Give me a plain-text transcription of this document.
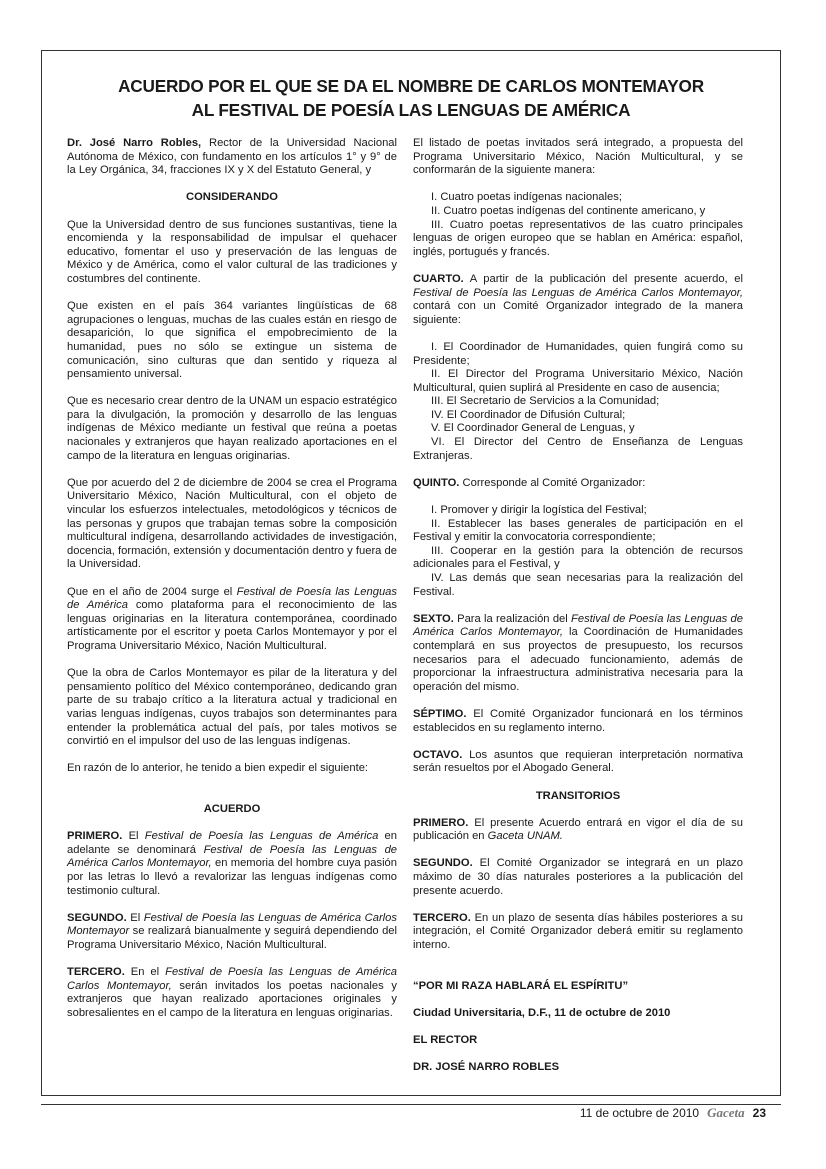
ACUERDO POR EL QUE SE DA EL NOMBRE DE CARLOS MONTEMAYOR
AL FESTIVAL DE POESÍA LAS LENGUAS DE AMÉRICA

Dr. José Narro Robles, Rector de la Universidad Nacional Autónoma de México, con fundamento en los artículos 1° y 9° de la Ley Orgánica, 34, fracciones IX y X del Estatuto General, y

CONSIDERANDO

Que la Universidad dentro de sus funciones sustantivas, tiene la encomienda y la responsabilidad de impulsar el quehacer educativo, fomentar el uso y preservación de las lenguas de México y de América, como el valor cultural de las tradiciones y costumbres del continente.

Que existen en el país 364 variantes lingüísticas de 68 agrupaciones o lenguas, muchas de las cuales están en riesgo de desaparición, lo que significa el empobrecimiento de la humanidad, pues no sólo se extingue un sistema de comunicación, sino culturas que dan sentido y riqueza al pensamiento universal.

Que es necesario crear dentro de la UNAM un espacio estratégico para la divulgación, la promoción y desarrollo de las lenguas indígenas de México mediante un festival que reúna a poetas nacionales y extranjeros que hayan realizado aportaciones en el campo de la literatura en lenguas originarias.

Que por acuerdo del 2 de diciembre de 2004 se crea el Programa Universitario México, Nación Multicultural, con el objeto de vincular los esfuerzos intelectuales, metodológicos y técnicos de las personas y grupos que trabajan temas sobre la composición multicultural indígena, desarrollando actividades de investigación, docencia, formación, extensión y documentación dentro y fuera de la Universidad.

Que en el año de 2004 surge el Festival de Poesía las Lenguas de América como plataforma para el reconocimiento de las lenguas originarias en la literatura contemporánea, coordinado artísticamente por el escritor y poeta Carlos Montemayor y por el Programa Universitario México, Nación Multicultural.

Que la obra de Carlos Montemayor es pilar de la literatura y del pensamiento político del México contemporáneo, dedicando gran parte de su trabajo crítico a la literatura actual y tradicional en varias lenguas indígenas, cuyos trabajos son determinantes para entender la problemática actual del país, por tales motivos se convirtió en el impulsor del uso de las lenguas indígenas.

En razón de lo anterior, he tenido a bien expedir el siguiente:

ACUERDO

PRIMERO. El Festival de Poesía las Lenguas de América en adelante se denominará Festival de Poesía las Lenguas de América Carlos Montemayor, en memoria del hombre cuya pasión por las letras lo llevó a revalorizar las lenguas indígenas como testimonio cultural.

SEGUNDO. El Festival de Poesía las Lenguas de América Carlos Montemayor se realizará bianualmente y seguirá dependiendo del Programa Universitario México, Nación Multicultural.

TERCERO. En el Festival de Poesía las Lenguas de América Carlos Montemayor, serán invitados los poetas nacionales y extranjeros que hayan realizado aportaciones originales y sobresalientes en el campo de la literatura en lenguas originarias.

El listado de poetas invitados será integrado, a propuesta del Programa Universitario México, Nación Multicultural, y se conformarán de la siguiente manera:

I. Cuatro poetas indígenas nacionales;

II. Cuatro poetas indígenas del continente americano, y

III. Cuatro poetas representativos de las cuatro principales lenguas de origen europeo que se hablan en América: español, inglés, portugués y francés.

CUARTO. A partir de la publicación del presente acuerdo, el Festival de Poesía las Lenguas de América Carlos Montemayor, contará con un Comité Organizador integrado de la manera siguiente:

I. El Coordinador de Humanidades, quien fungirá como su Presidente;

II. El Director del Programa Universitario México, Nación Multicultural, quien suplirá al Presidente en caso de ausencia;

III. El Secretario de Servicios a la Comunidad;

IV. El Coordinador de Difusión Cultural;

V. El Coordinador General de Lenguas, y

VI. El Director del Centro de Enseñanza de Lenguas Extranjeras.

QUINTO. Corresponde al Comité Organizador:

I. Promover y dirigir la logística del Festival;

II. Establecer las bases generales de participación en el Festival y emitir la convocatoria correspondiente;

III. Cooperar en la gestión para la obtención de recursos adicionales para el Festival, y

IV. Las demás que sean necesarias para la realización del Festival.

SEXTO. Para la realización del Festival de Poesía las Lenguas de América Carlos Montemayor, la Coordinación de Humanidades contemplará en sus proyectos de presupuesto, los recursos necesarios para el adecuado funcionamiento, además de proporcionar la infraestructura administrativa necesaria para la operación del mismo.

SÉPTIMO. El Comité Organizador funcionará en los términos establecidos en su reglamento interno.

OCTAVO. Los asuntos que requieran interpretación normativa serán resueltos por el Abogado General.

TRANSITORIOS

PRIMERO. El presente Acuerdo entrará en vigor el día de su publicación en Gaceta UNAM.

SEGUNDO. El Comité Organizador se integrará en un plazo máximo de 30 días naturales posteriores a la publicación del presente acuerdo.

TERCERO. En un plazo de sesenta días hábiles posteriores a su integración, el Comité Organizador deberá emitir su reglamento interno.

“POR MI RAZA HABLARÁ EL ESPÍRITU”

Ciudad Universitaria, D.F., 11 de octubre de 2010

EL RECTOR

DR. JOSÉ NARRO ROBLES

11 de octubre de 2010 Gaceta 23
